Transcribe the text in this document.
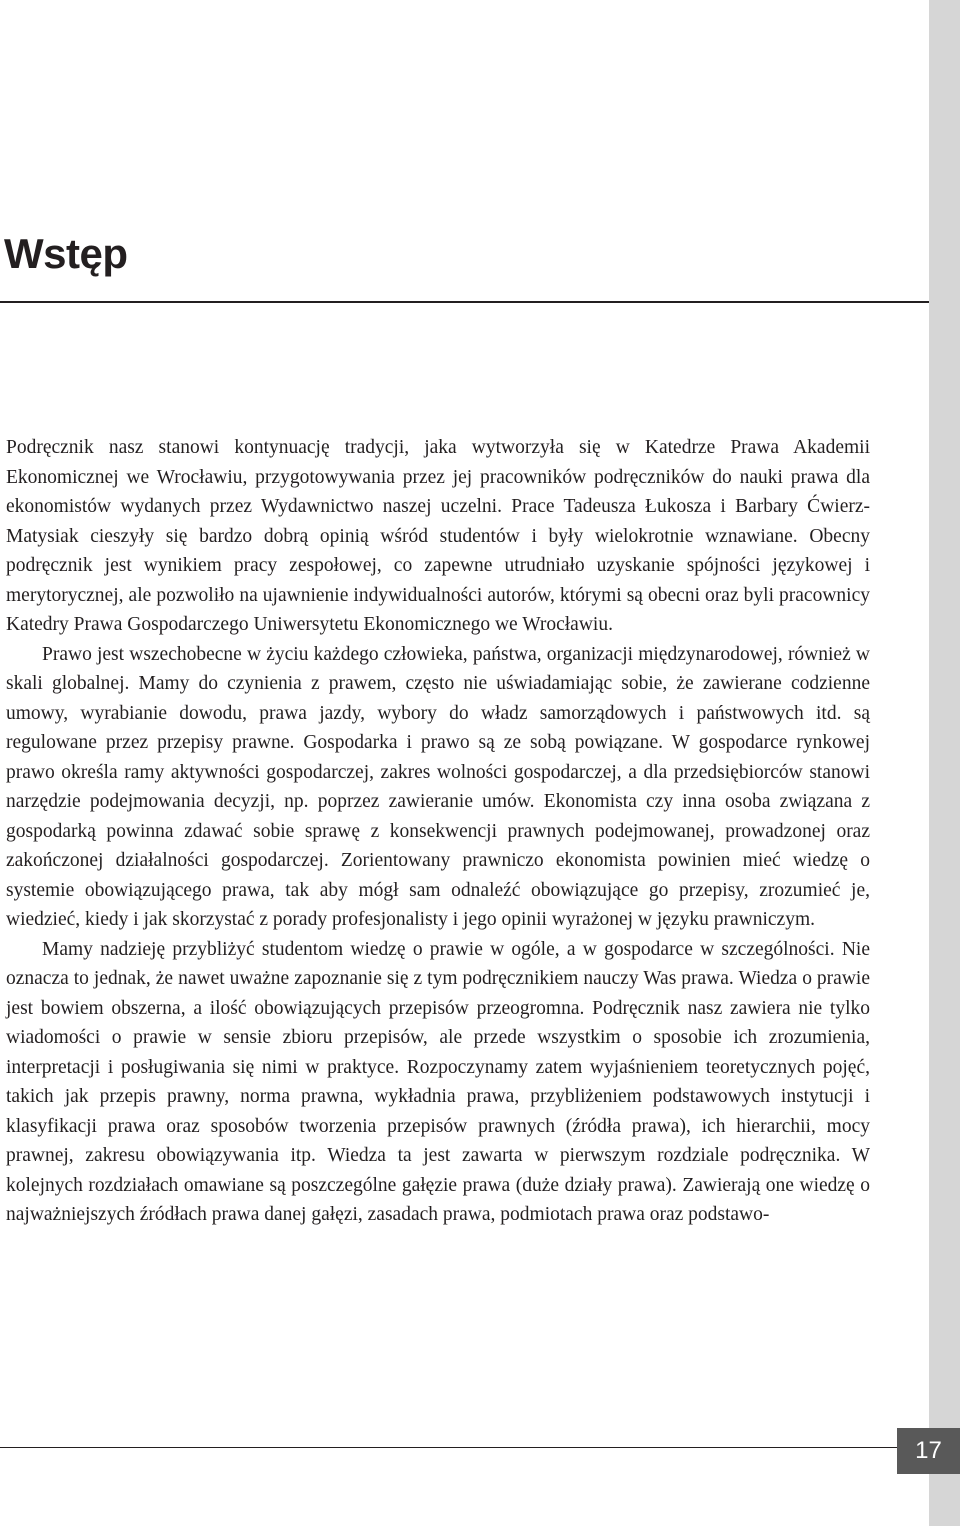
Wstęp

Podręcznik nasz stanowi kontynuację tradycji, jaka wytworzyła się w Katedrze Prawa Akademii Ekonomicznej we Wrocławiu, przygotowywania przez jej pracowników podręczników do nauki prawa dla ekonomistów wydanych przez Wydawnictwo naszej uczelni. Prace Tadeusza Łukosza i Barbary Ćwierz-Matysiak cieszyły się bardzo dobrą opinią wśród studentów i były wielokrotnie wznawiane. Obecny podręcznik jest wynikiem pracy zespołowej, co zapewne utrudniało uzyskanie spójności językowej i merytorycznej, ale pozwoliło na ujawnienie indywidualności autorów, którymi są obecni oraz byli pracownicy Katedry Prawa Gospodarczego Uniwersytetu Ekonomicznego we Wrocławiu.

Prawo jest wszechobecne w życiu każdego człowieka, państwa, organizacji międzynarodowej, również w skali globalnej. Mamy do czynienia z prawem, często nie uświadamiając sobie, że zawierane codzienne umowy, wyrabianie dowodu, prawa jazdy, wybory do władz samorządowych i państwowych itd. są regulowane przez przepisy prawne. Gospodarka i prawo są ze sobą powiązane. W gospodarce rynkowej prawo określa ramy aktywności gospodarczej, zakres wolności gospodarczej, a dla przedsiębiorców stanowi narzędzie podejmowania decyzji, np. poprzez zawieranie umów. Ekonomista czy inna osoba związana z gospodarką powinna zdawać sobie sprawę z konsekwencji prawnych podejmowanej, prowadzonej oraz zakończonej działalności gospodarczej. Zorientowany prawniczo ekonomista powinien mieć wiedzę o systemie obowiązującego prawa, tak aby mógł sam odnaleźć obowiązujące go przepisy, zrozumieć je, wiedzieć, kiedy i jak skorzystać z porady profesjonalisty i jego opinii wyrażonej w języku prawniczym.

Mamy nadzieję przybliżyć studentom wiedzę o prawie w ogóle, a w gospodarce w szczególności. Nie oznacza to jednak, że nawet uważne zapoznanie się z tym podręcznikiem nauczy Was prawa. Wiedza o prawie jest bowiem obszerna, a ilość obowiązujących przepisów przeogromna. Podręcznik nasz zawiera nie tylko wiadomości o prawie w sensie zbioru przepisów, ale przede wszystkim o sposobie ich zrozumienia, interpretacji i posługiwania się nimi w praktyce. Rozpoczynamy zatem wyjaśnieniem teoretycznych pojęć, takich jak przepis prawny, norma prawna, wykładnia prawa, przybliżeniem podstawowych instytucji i klasyfikacji prawa oraz sposobów tworzenia przepisów prawnych (źródła prawa), ich hierarchii, mocy prawnej, zakresu obowiązywania itp. Wiedza ta jest zawarta w pierwszym rozdziale podręcznika. W kolejnych rozdziałach omawiane są poszczególne gałęzie prawa (duże działy prawa). Zawierają one wiedzę o najważniejszych źródłach prawa danej gałęzi, zasadach prawa, podmiotach prawa oraz podstawo-

17
